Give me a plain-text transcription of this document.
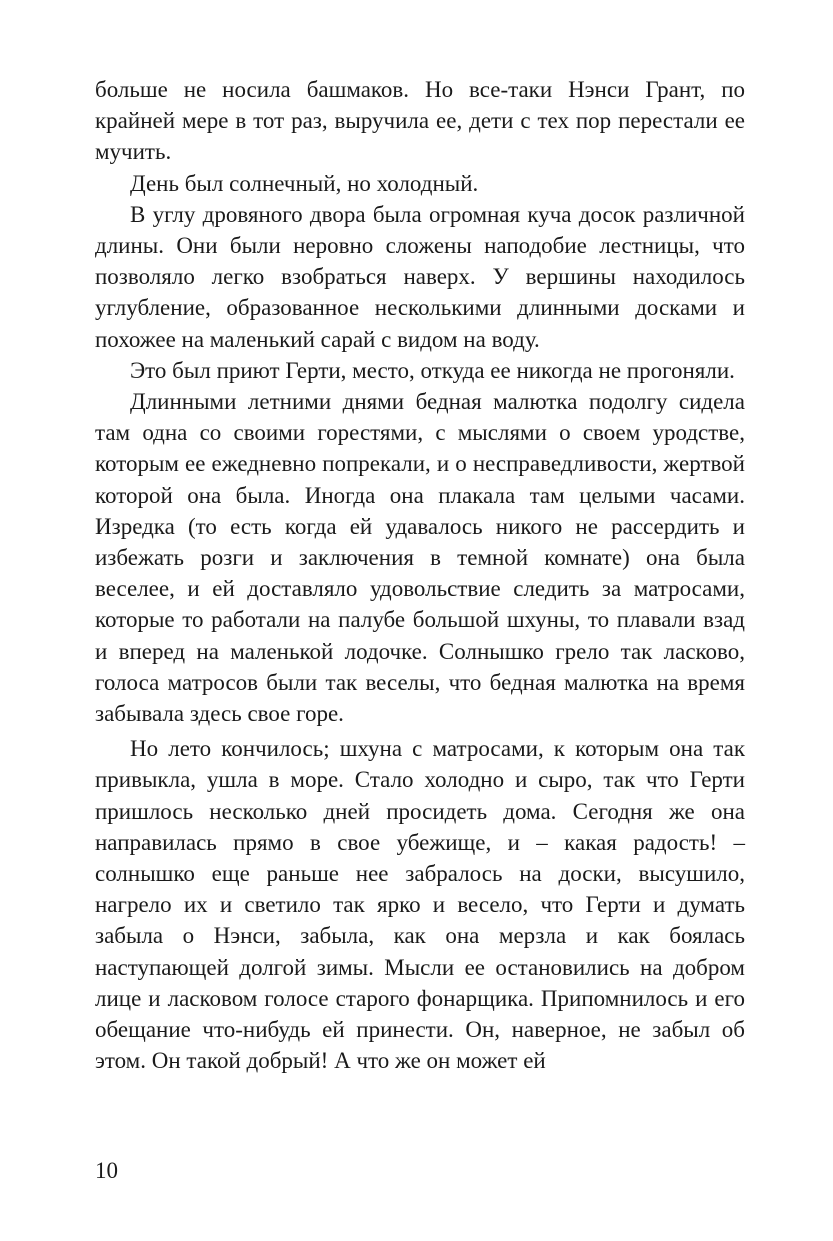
больше не носила башмаков. Но все-таки Нэнси Грант, по крайней мере в тот раз, выручила ее, дети с тех пор перестали ее мучить.

День был солнечный, но холодный.

В углу дровяного двора была огромная куча досок различной длины. Они были неровно сложены наподобие лестницы, что позволяло легко взобраться наверх. У вершины находилось углубление, образованное несколькими длинными досками и похожее на маленький сарай с видом на воду.

Это был приют Герти, место, откуда ее никогда не прогоняли.

Длинными летними днями бедная малютка подолгу сидела там одна со своими горестями, с мыслями о своем уродстве, которым ее ежедневно попрекали, и о несправедливости, жертвой которой она была. Иногда она плакала там целыми часами. Изредка (то есть когда ей удавалось никого не рассердить и избежать розги и заключения в темной комнате) она была веселее, и ей доставляло удовольствие следить за матросами, которые то работали на палубе большой шхуны, то плавали взад и вперед на маленькой лодочке. Солнышко грело так ласково, голоса матросов были так веселы, что бедная малютка на время забывала здесь свое горе.

Но лето кончилось; шхуна с матросами, к которым она так привыкла, ушла в море. Стало холодно и сыро, так что Герти пришлось несколько дней просидеть дома. Сегодня же она направилась прямо в свое убежище, и – какая радость! – солнышко еще раньше нее забралось на доски, высушило, нагрело их и светило так ярко и весело, что Герти и думать забыла о Нэнси, забыла, как она мерзла и как боялась наступающей долгой зимы. Мысли ее остановились на добром лице и ласковом голосе старого фонарщика. Припомнилось и его обещание что-нибудь ей принести. Он, наверное, не забыл об этом. Он такой добрый! А что же он может ей

10
